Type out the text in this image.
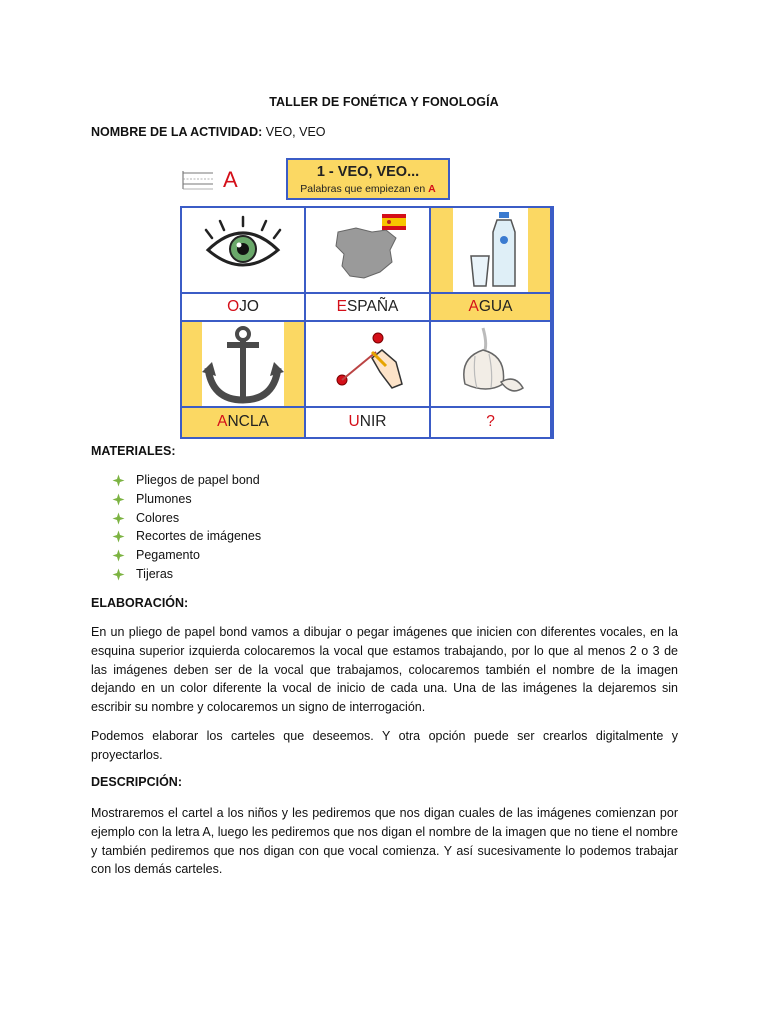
TALLER DE FONÉTICA Y FONOLOGÍA
NOMBRE DE LA ACTIVIDAD: VEO, VEO
A	1 - VEO, VEO...
Palabras que empiezan en A
OJO	ESPAÑA	AGUA
ANCLA	UNIR	?
MATERIALES:
Pliegos de papel bond
Plumones
Colores
Recortes de imágenes
Pegamento
Tijeras
ELABORACIÓN:
En un pliego de papel bond vamos a dibujar o pegar imágenes que inicien con diferentes vocales, en la esquina superior izquierda colocaremos la vocal que estamos trabajando, por lo que al menos 2 o 3 de las imágenes deben ser de la vocal que trabajamos, colocaremos también el nombre de la imagen dejando en un color diferente la vocal de inicio de cada una. Una de las imágenes la dejaremos sin escribir su nombre y colocaremos un signo de interrogación.
Podemos elaborar los carteles que deseemos. Y otra opción puede ser crearlos digitalmente y proyectarlos.
DESCRIPCIÓN:
Mostraremos el cartel a los niños y les pediremos que nos digan cuales de las imágenes comienzan por ejemplo con la letra A, luego les pediremos que nos digan el nombre de la imagen que no tiene el nombre y también pediremos que nos digan con que vocal comienza. Y así sucesivamente lo podemos trabajar con los demás carteles.
